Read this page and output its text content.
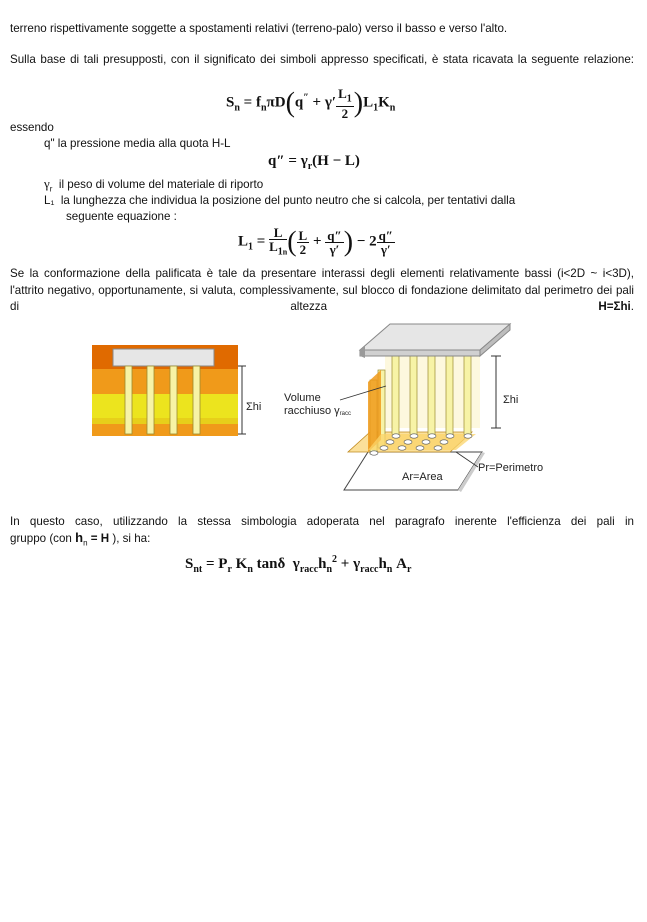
terreno rispettivamente soggette a spostamenti relativi (terreno-palo) verso il basso e verso l'alto.
Sulla base di tali presupposti, con il significato dei simboli appresso specificati, è stata ricavata la seguente relazione:
$S_n = f_n\pi D(q'' + \gamma' \frac{L_1}{2} )L_1K_n$
essendo
q" la pressione media alla quota H-L
$q'' = \gamma_r(H - L)$
$\gamma_r$ il peso di volume del materiale di riporto
L₁ la lunghezza che individua la posizione del punto neutro che si calcola, per tentativi dalla
seguente equazione :
$L_1 = \frac{L}{L_{1n}}$ ( $\frac{L}{2} + \frac{q''}{\gamma'}$ ) − $2 \frac{q''}{\gamma'}$
Se la conformazione della palificata è tale da presentare interassi degli elementi relativamente bassi (i<2D ~ i<3D), l'attrito negativo, opportunamente, si valuta, complessivamente, sul blocco di fondazione delimitato dal perimetro dei pali di altezza H=Σhi.
Σhi
Σhi
Volume
racchiuso γracc
Pr=Perimetro
Ar=Area
In questo caso, utilizzando la stessa simbologia adoperata nel paragrafo inerente l'efficienza dei pali in
gruppo (con $h_n = H$ ), si ha:
$S_{nt} = P_r$ $K_n$ tanδ $\gamma_{racc}h_n^2 + \gamma_{racc}h_n$ $A_r$
